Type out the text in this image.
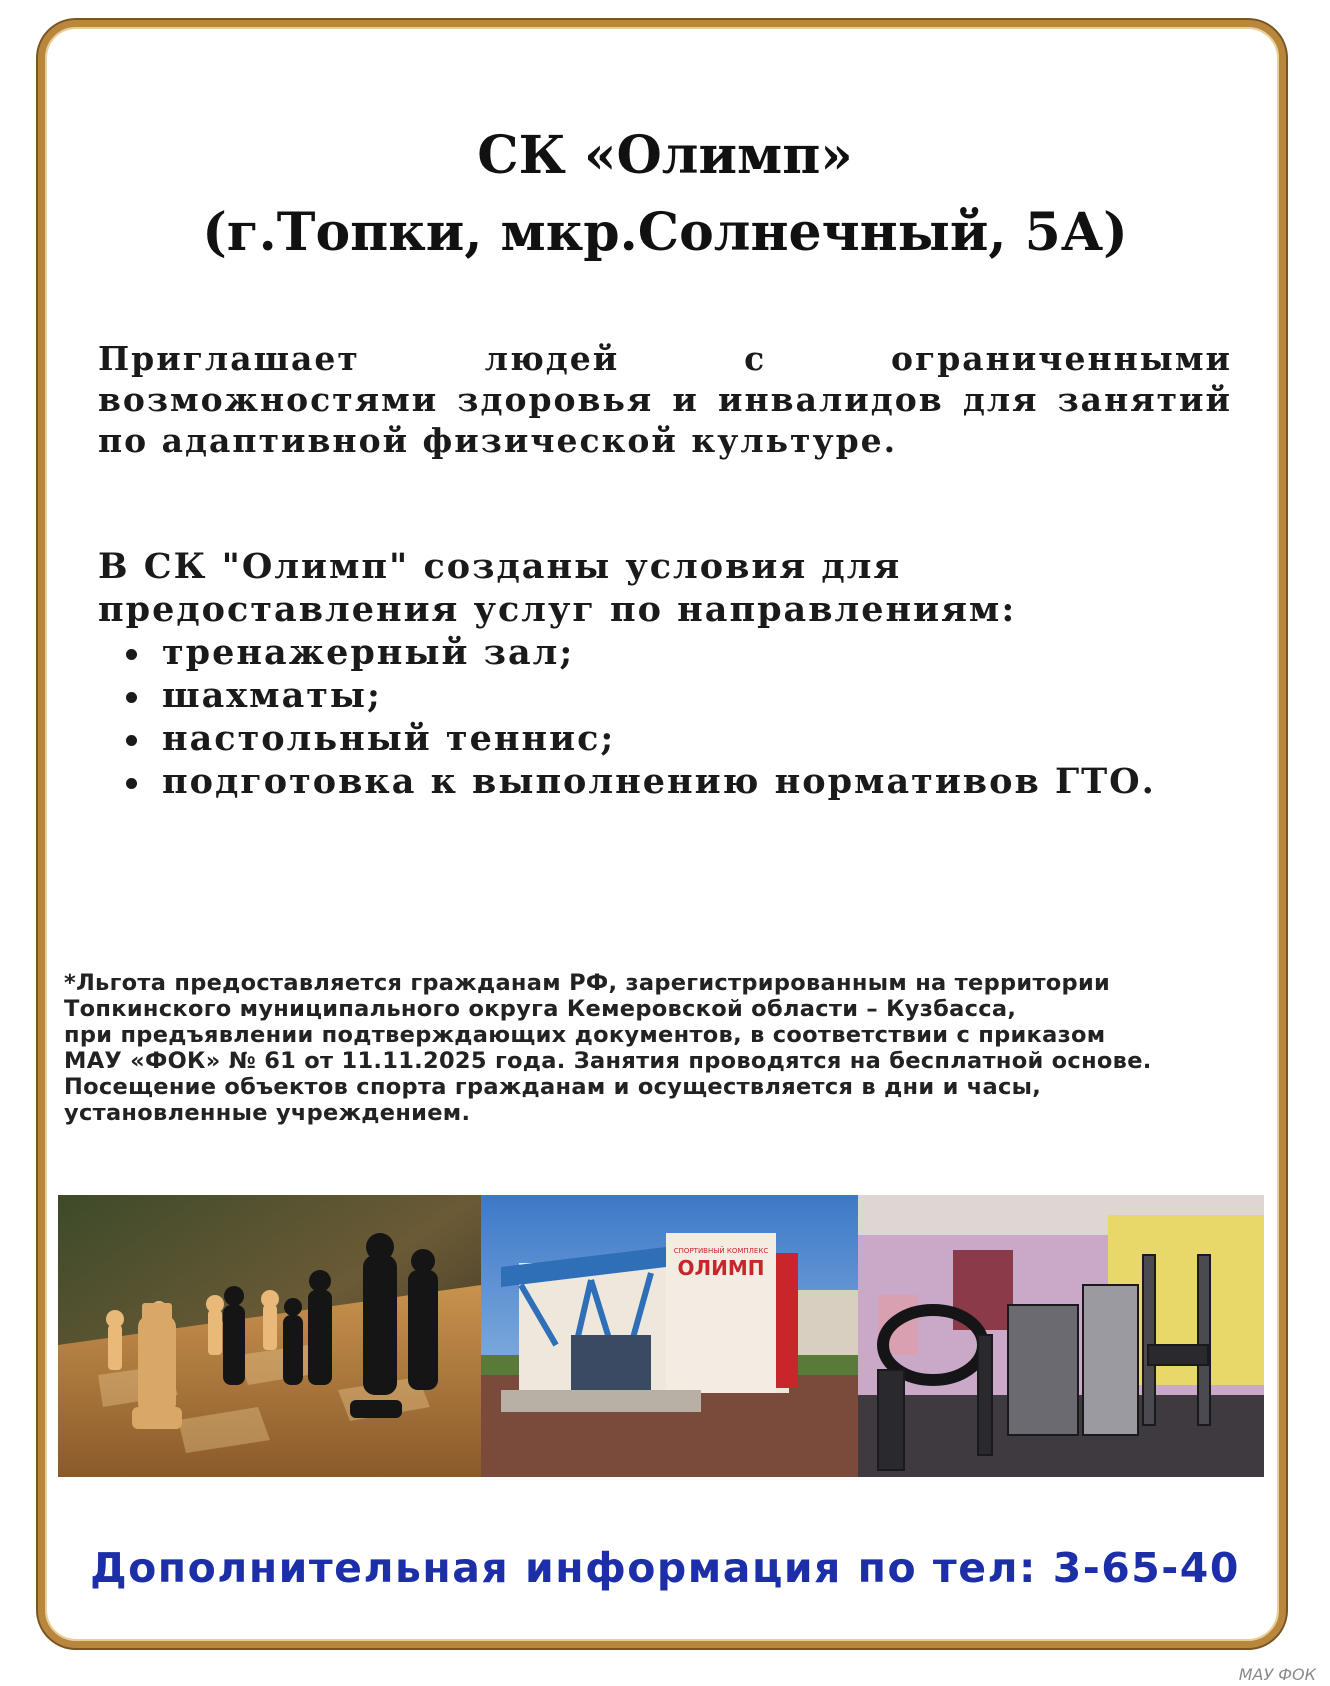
СК «Олимп»
(г.Топки, мкр.Солнечный, 5А)
Приглашает людей с ограниченными возможностями здоровья и инвалидов для занятий по адаптивной физической культуре.
В СК "Олимп" созданы условия для предоставления услуг по направлениям:
тренажерный зал;
шахматы;
настольный теннис;
подготовка к выполнению нормативов ГТО.
*Льгота предоставляется гражданам РФ, зарегистрированным на территории
Топкинского муниципального округа Кемеровской области – Кузбасса,
при предъявлении подтверждающих документов, в соответствии с приказом
МАУ «ФОК» № 61 от 11.11.2025 года. Занятия проводятся на бесплатной основе.
Посещение объектов спорта гражданам и осуществляется в дни и часы,
установленные учреждением.
СПОРТИВНЫЙ КОМПЛЕКС
ОЛИМП
Дополнительная информация по тел: 3-65-40
МАУ ФОК
